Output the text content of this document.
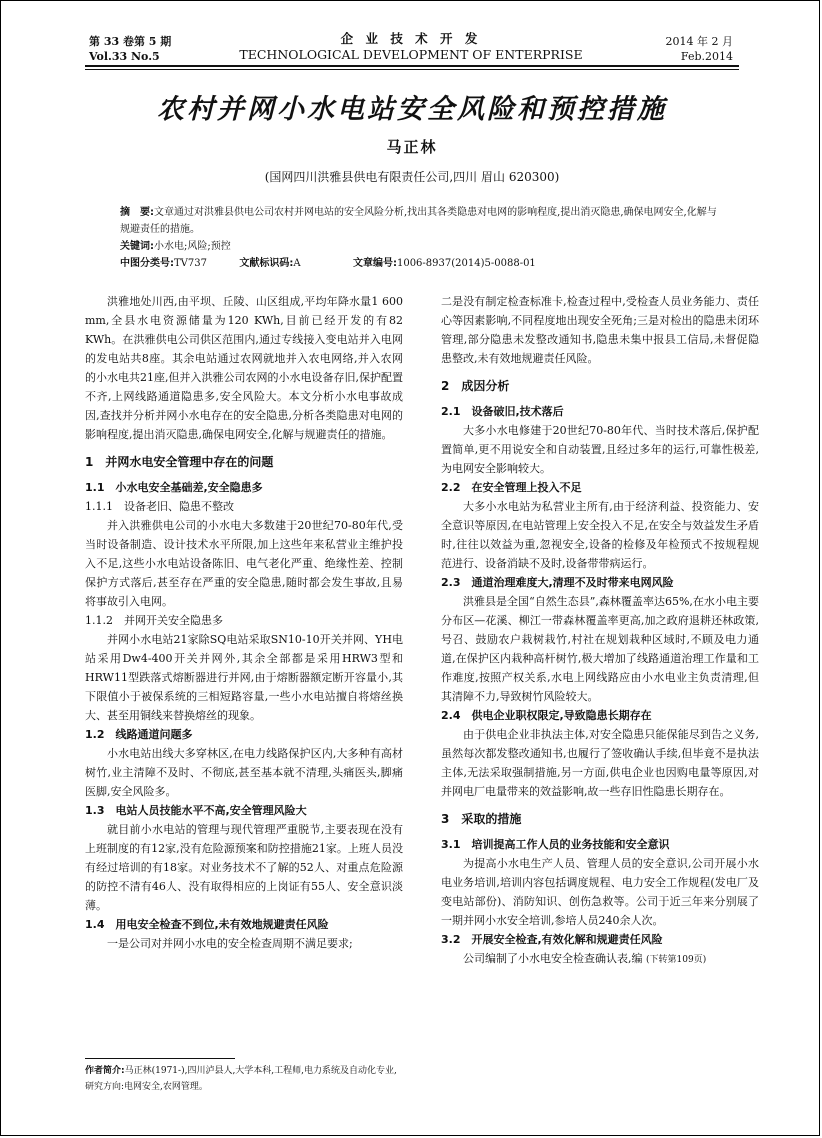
第 33 卷第 5 期
Vol.33 No.5
企 业 技 术 开 发
TECHNOLOGICAL DEVELOPMENT OF ENTERPRISE
2014 年 2 月
Feb.2014
农村并网小水电站安全风险和预控措施
马正林
(国网四川洪雅县供电有限责任公司,四川 眉山 620300)
摘　要:文章通过对洪雅县供电公司农村并网电站的安全风险分析,找出其各类隐患对电网的影响程度,提出消灭隐患,确保电网安全,化解与规避责任的措施。
关键词:小水电;风险;预控
中图分类号:TV737	文献标识码:A	文章编号:1006-8937(2014)5-0088-01

洪雅地处川西,由平坝、丘陵、山区组成,平均年降水量1 600 mm,全县水电资源储量为120 KWh,目前已经开发的有82 KWh。在洪雅供电公司供区范围内,通过专线接入变电站并入电网的发电站共8座。其余电站通过农网就地并入农电网络,并入农网的小水电共21座,但并入洪雅公司农网的小水电设备存旧,保护配置不齐,上网线路通道隐患多,安全风险大。本文分析小水电事故成因,查找并分析并网小水电存在的安全隐患,分析各类隐患对电网的影响程度,提出消灭隐患,确保电网安全,化解与规避责任的措施。

1　并网水电安全管理中存在的问题
1.1　小水电安全基础差,安全隐患多
1.1.1　设备老旧、隐患不整改

并入洪雅供电公司的小水电大多数建于20世纪70-80年代,受当时设备制造、设计技术水平所限,加上这些年来私营业主维护投入不足,这些小水电站设备陈旧、电气老化严重、绝缘性差、控制保护方式落后,甚至存在严重的安全隐患,随时都会发生事故,且易将事故引入电网。

1.1.2　并网开关安全隐患多

并网小水电站21家除SQ电站采取SN10-10开关并网、YH电站采用Dw4-400开关并网外,其余全部都是采用HRW3型和HRW11型跌落式熔断器进行并网,由于熔断器额定断开容量小,其下限值小于被保系统的三相短路容量,一些小水电站擅自将熔丝换大、甚至用铜线来替换熔丝的现象。

1.2　线路通道问题多

小水电站出线大多穿林区,在电力线路保护区内,大多种有高材树竹,业主清障不及时、不彻底,甚至基本就不清理,头痛医头,脚痛医脚,安全风险多。

1.3　电站人员技能水平不高,安全管理风险大

就目前小水电站的管理与现代管理严重脱节,主要表现在没有上班制度的有12家,没有危险源预案和防控措施21家。上班人员没有经过培训的有18家。对业务技术不了解的52人、对重点危险源的防控不清有46人、没有取得相应的上岗证有55人、安全意识淡薄。

1.4　用电安全检查不到位,未有效地规避责任风险

一是公司对并网小水电的安全检查周期不满足要求;

二是没有制定检查标准卡,检查过程中,受检查人员业务能力、责任心等因素影响,不同程度地出现安全死角;三是对检出的隐患未闭环管理,部分隐患未发整改通知书,隐患未集中报县工信局,未督促隐患整改,未有效地规避责任风险。

2　成因分析
2.1　设备破旧,技术落后

大多小水电修建于20世纪70-80年代、当时技术落后,保护配置简单,更不用说安全和自动装置,且经过多年的运行,可靠性极差,为电网安全影响较大。

2.2　在安全管理上投入不足

大多小水电站为私营业主所有,由于经济利益、投资能力、安全意识等原因,在电站管理上安全投入不足,在安全与效益发生矛盾时,往往以效益为重,忽视安全,设备的检修及年检预式不按规程规范进行、设备消缺不及时,设备带带病运行。

2.3　通道治理难度大,清理不及时带来电网风险

洪雅县是全国“自然生态县”,森林覆盖率达65%,在水小电主要分布区—花溪、柳江一带森林覆盖率更高,加之政府退耕还林政策,号召、鼓励农户栽树栽竹,村社在规划栽种区域时,不顾及电力通道,在保护区内栽种高杆树竹,极大增加了线路通道治理工作量和工作难度,按照产权关系,水电上网线路应由小水电业主负责清理,但其清障不力,导致树竹风险较大。

2.4　供电企业职权限定,导致隐患长期存在

由于供电企业非执法主体,对安全隐患只能保能尽到告之义务,虽然每次都发整改通知书,也履行了签收确认手续,但毕竟不是执法主体,无法采取强制措施,另一方面,供电企业也因购电量等原因,对并网电厂电量带来的效益影响,故一些存旧性隐患长期存在。

3　采取的措施
3.1　培训提高工作人员的业务技能和安全意识

为提高小水电生产人员、管理人员的安全意识,公司开展小水电业务培训,培训内容包括调度规程、电力安全工作规程(发电厂及变电站部份)、消防知识、创伤急救等。公司于近三年来分别展了一期并网小水安全培训,参培人员240余人次。

3.2　开展安全检查,有效化解和规避责任风险

公司编制了小水电安全检查确认表,编 (下转第109页)

作者简介:马正林(1971-),四川泸县人,大学本科,工程师,电力系统及自动化专业,研究方向:电网安全,农网管理。
